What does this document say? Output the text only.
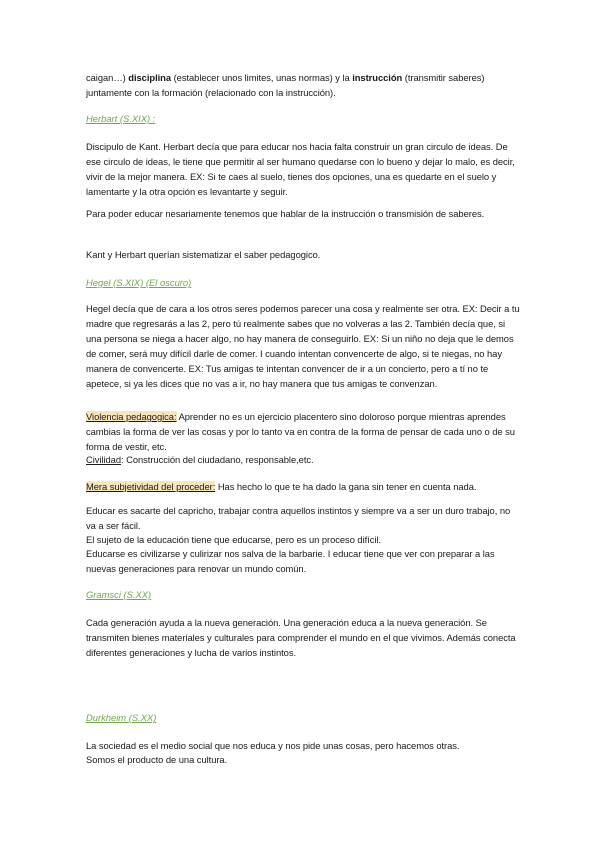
caigan…) disciplina (establecer unos limites, unas normas) y la instrucción (transmitir saberes) juntamente con la formación (relacionado con la instrucción).
Herbart (S.XIX) :
Discipulo de Kant. Herbart decía que para educar nos hacia falta construir un gran circulo de ideas. De ese circulo de ideas, le tiene que permitir al ser humano quedarse con lo bueno y dejar lo malo, es decir, vivir de la mejor manera. EX: Si te caes al suelo, tienes dos opciones, una es quedarte en el suelo y lamentarte y la otra opción es levantarte y seguir.
Para poder educar nesariamente tenemos que hablar de la instrucción o transmisión de saberes.
Kant y Herbart querían sistematizar el saber pedagogico.
Hegel (S.XIX) (El oscuro)
Hegel decía que de cara a los otros seres podemos parecer una cosa y realmente ser otra. EX: Decir a tu madre que regresarás a las 2, pero tú realmente sabes que no volveras a las 2. También decía que, si una persona se niega a hacer algo, no hay manera de conseguirlo. EX: Si un niño no deja que le demos de comer, será muy difícil darle de comer. I cuando intentan convencerte de algo, si te niegas, no hay manera de convencerte. EX: Tus amigas te intentan convencer de ir a un concierto, pero a tí no te apetece, si ya les dices que no vas a ir, no hay manera que tus amigas te convenzan.
Violencia pedagogica: Aprender no es un ejercicio placentero sino doloroso porque mientras aprendes cambias la forma de ver las cosas y por lo tanto va en contra de la forma de pensar de cada uno o de su forma de vestir, etc.
Civilidad: Construcción del ciudadano, responsable,etc.
Mera subjetividad del proceder: Has hecho lo que te ha dado la gana sin tener en cuenta nada.
Educar es sacarte del capricho, trabajar contra aquellos instintos y siempre va a ser un duro trabajo, no va a ser fácil.
El sujeto de la educación tiene que educarse, pero es un proceso difícil.
Educarse es civilizarse y culirizar nos salva de la barbarie. I educar tiene que ver con preparar a las nuevas generaciones para renovar un mundo común.
Gramsci (S.XX)
Cada generación ayuda a la nueva generación. Una generación educa a la nueva generación. Se transmiten bienes materiales y culturales para comprender el mundo en el que vivimos. Además conecta diferentes generaciones y lucha de varios instintos.
Durkheim (S.XX)
La sociedad es el medio social que nos educa y nos pide unas cosas, pero hacemos otras.
Somos el producto de una cultura.
